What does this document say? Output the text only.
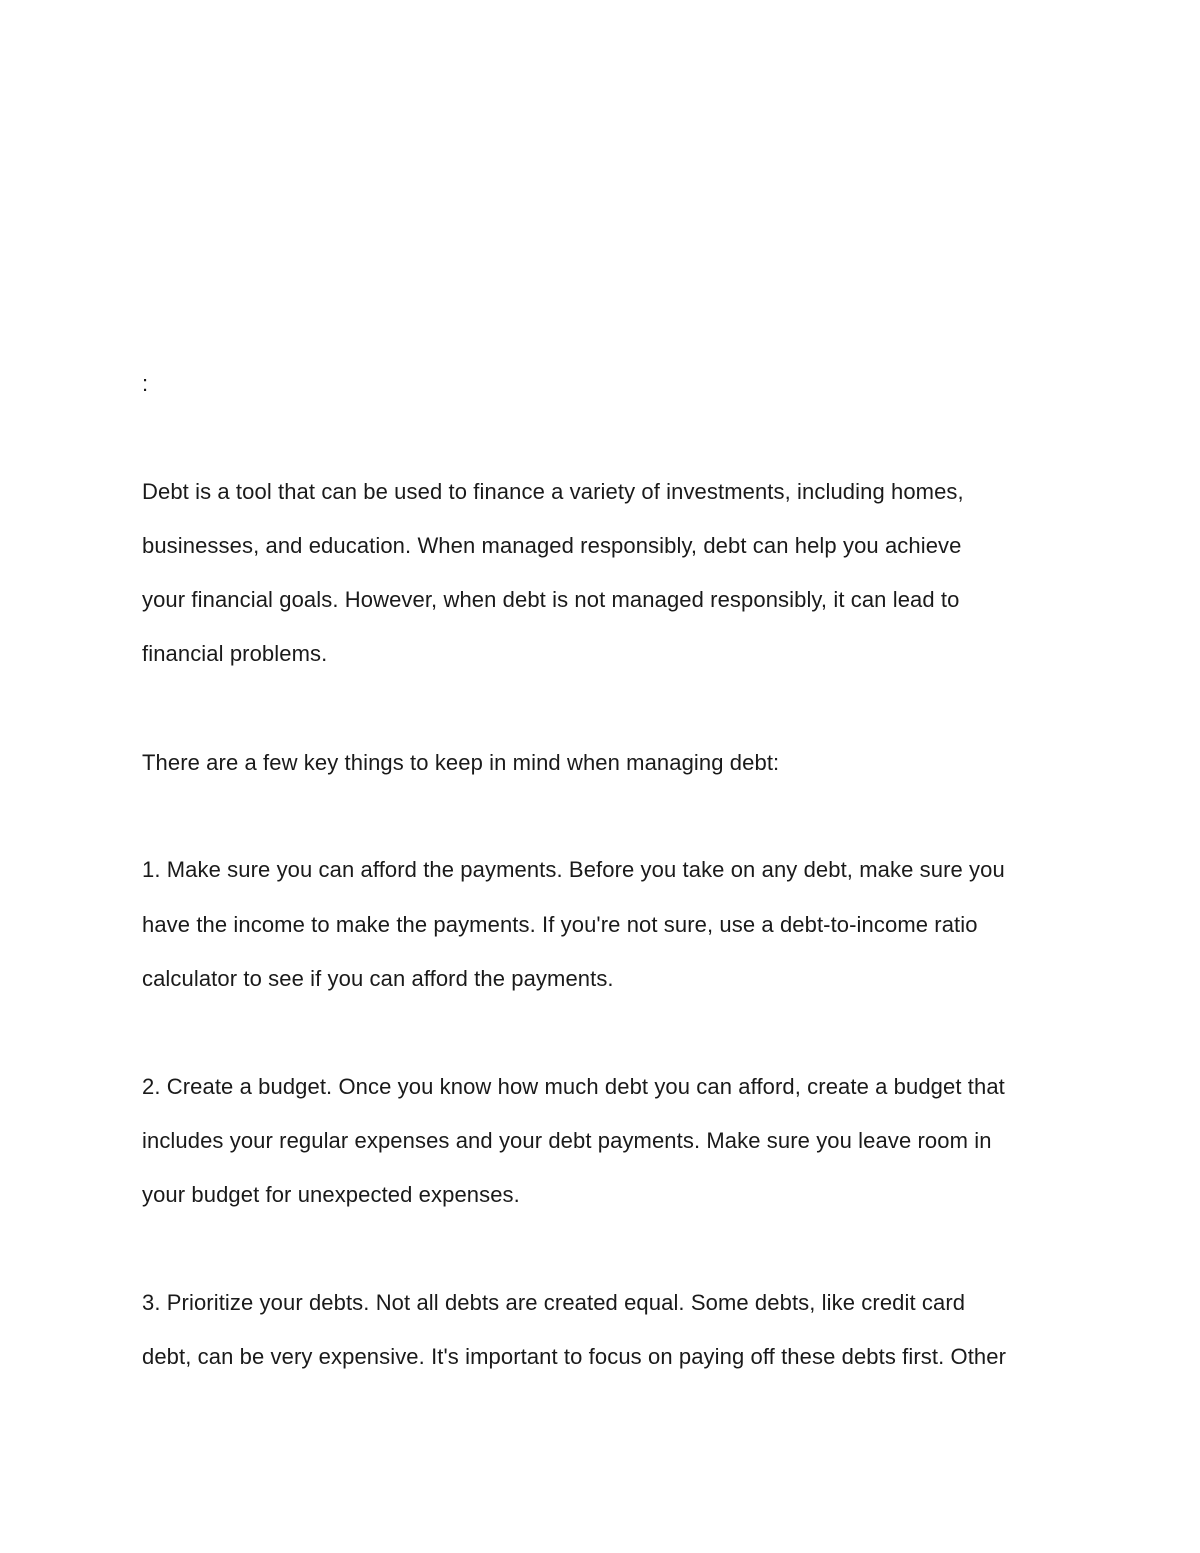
:
Debt is a tool that can be used to finance a variety of investments, including homes,
businesses, and education. When managed responsibly, debt can help you achieve
your financial goals. However, when debt is not managed responsibly, it can lead to
financial problems.
There are a few key things to keep in mind when managing debt:
1. Make sure you can afford the payments. Before you take on any debt, make sure you
have the income to make the payments. If you're not sure, use a debt-to-income ratio
calculator to see if you can afford the payments.
2. Create a budget. Once you know how much debt you can afford, create a budget that
includes your regular expenses and your debt payments. Make sure you leave room in
your budget for unexpected expenses.
3. Prioritize your debts. Not all debts are created equal. Some debts, like credit card
debt, can be very expensive. It's important to focus on paying off these debts first. Other
